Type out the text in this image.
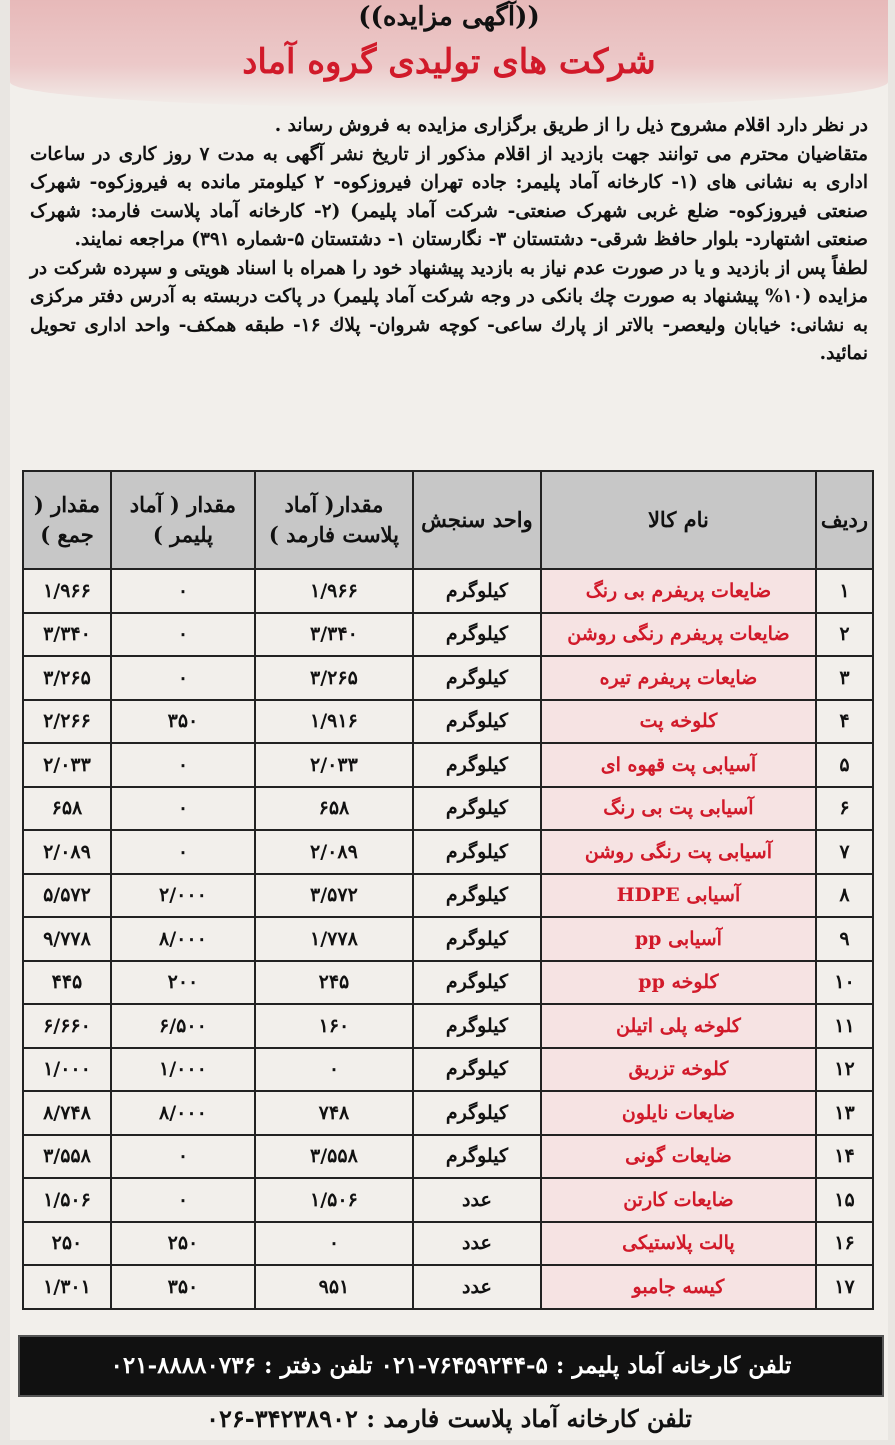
((آگهی مزایده))
شرکت های تولیدی گروه آماد

در نظر دارد اقلام مشروح ذیل را از طریق برگزاری مزایده به فروش رساند .

متقاضیان محترم می توانند جهت بازدید از اقلام مذکور از تاریخ نشر آگهی به مدت ۷ روز کاری در ساعات اداری به نشانی های (۱- کارخانه آماد پلیمر: جاده تهران فیروزکوه- ۲ کیلومتر مانده به فیروزکوه- شهرک صنعتی فیروزکوه- ضلع غربی شهرک صنعتی- شرکت آماد پلیمر) (۲- کارخانه آماد پلاست فارمد: شهرک صنعتی اشتهارد- بلوار حافظ شرقی- دشتستان ۳- نگارستان ۱- دشتستان ۵-شماره ۳۹۱) مراجعه نمایند.

لطفاً پس از بازدید و یا در صورت عدم نیاز به بازدید پیشنهاد خود را همراه با اسناد هویتی و سپرده شرکت در مزایده (۱۰% پیشنهاد به صورت چك بانکی در وجه شرکت آماد پلیمر) در پاکت دربسته به آدرس دفتر مرکزی به نشانی: خیابان ولیعصر- بالاتر از پارك ساعی- کوچه شروان- پلاك ۱۶- طبقه همکف- واحد اداری تحویل نمائید.

ردیف	نام کالا	واحد سنجش	مقدار( آماد پلاست فارمد )	مقدار ( آماد پلیمر )	مقدار ( جمع )
۱	ضایعات پریفرم بی رنگ	کیلوگرم	۱/۹۶۶	۰	۱/۹۶۶
۲	ضایعات پریفرم رنگی روشن	کیلوگرم	۳/۳۴۰	۰	۳/۳۴۰
۳	ضایعات پریفرم تیره	کیلوگرم	۳/۲۶۵	۰	۳/۲۶۵
۴	کلوخه پت	کیلوگرم	۱/۹۱۶	۳۵۰	۲/۲۶۶
۵	آسیابی پت قهوه ای	کیلوگرم	۲/۰۳۳	۰	۲/۰۳۳
۶	آسیابی پت بی رنگ	کیلوگرم	۶۵۸	۰	۶۵۸
۷	آسیابی پت رنگی روشن	کیلوگرم	۲/۰۸۹	۰	۲/۰۸۹
۸	آسیابی HDPE	کیلوگرم	۳/۵۷۲	۲/۰۰۰	۵/۵۷۲
۹	آسیابی pp	کیلوگرم	۱/۷۷۸	۸/۰۰۰	۹/۷۷۸
۱۰	کلوخه pp	کیلوگرم	۲۴۵	۲۰۰	۴۴۵
۱۱	کلوخه پلی اتیلن	کیلوگرم	۱۶۰	۶/۵۰۰	۶/۶۶۰
۱۲	کلوخه تزریق	کیلوگرم	۰	۱/۰۰۰	۱/۰۰۰
۱۳	ضایعات نایلون	کیلوگرم	۷۴۸	۸/۰۰۰	۸/۷۴۸
۱۴	ضایعات گونی	کیلوگرم	۳/۵۵۸	۰	۳/۵۵۸
۱۵	ضایعات کارتن	عدد	۱/۵۰۶	۰	۱/۵۰۶
۱۶	پالت پلاستیکی	عدد	۰	۲۵۰	۲۵۰
۱۷	کیسه جامبو	عدد	۹۵۱	۳۵۰	۱/۳۰۱
تلفن کارخانه آماد پلیمر : ۵-۷۶۴۵۹۲۴۴-۰۲۱ تلفن دفتر : ۸۸۸۸۰۷۳۶-۰۲۱
تلفن کارخانه آماد پلاست فارمد : ۳۴۲۳۸۹۰۲-۰۲۶
